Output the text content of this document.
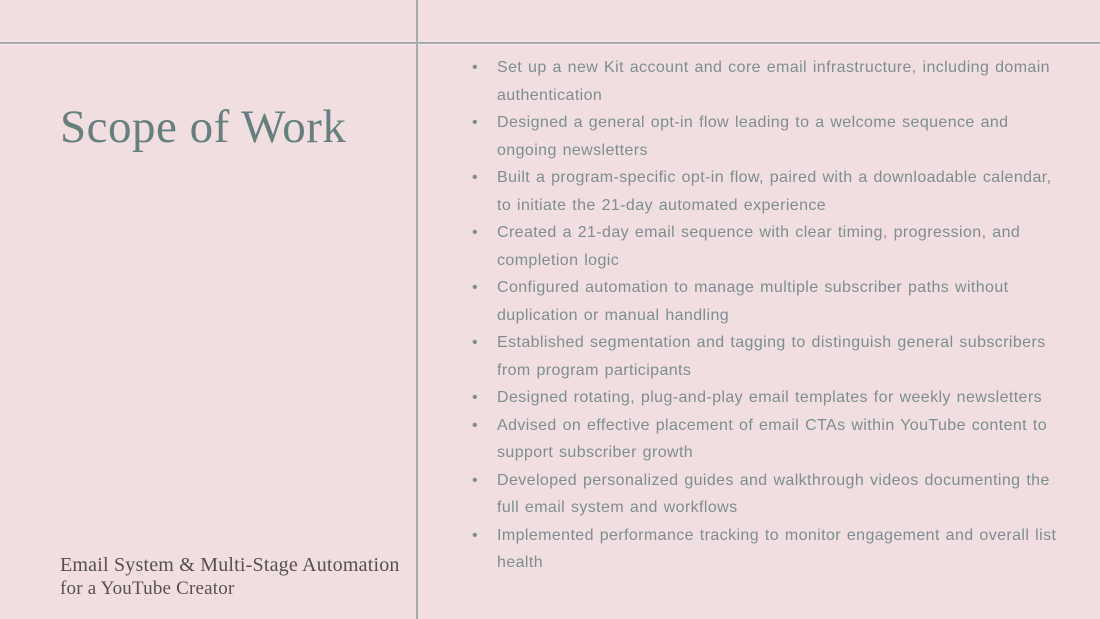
Scope of Work
Email System & Multi-Stage Automation
for a YouTube Creator
• Set up a new Kit account and core email infrastructure, including domain authentication
• Designed a general opt-in flow leading to a welcome sequence and ongoing newsletters
• Built a program-specific opt-in flow, paired with a downloadable calendar, to initiate the 21-day automated experience
• Created a 21-day email sequence with clear timing, progression, and completion logic
• Configured automation to manage multiple subscriber paths without duplication or manual handling
• Established segmentation and tagging to distinguish general subscribers from program participants
• Designed rotating, plug-and-play email templates for weekly newsletters
• Advised on effective placement of email CTAs within YouTube content to support subscriber growth
• Developed personalized guides and walkthrough videos documenting the full email system and workflows
• Implemented performance tracking to monitor engagement and overall list health
